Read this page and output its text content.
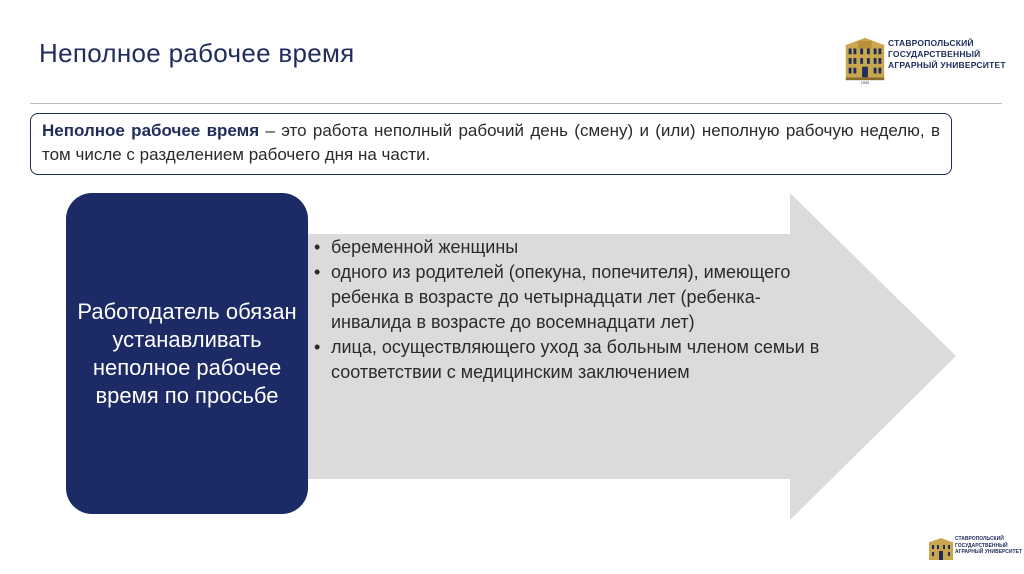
Неполное рабочее время
1930
СТАВРОПОЛЬСКИЙ
ГОСУДАРСТВЕННЫЙ
АГРАРНЫЙ УНИВЕРСИТЕТ
Неполное рабочее время – это работа неполный рабочий день (смену) и (или) неполную рабочую неделю, в том числе с разделением рабочего дня на части.
Работодатель обязан устанавливать неполное рабочее время по просьбе
• беременной женщины
• одного из родителей (опекуна, попечителя), имеющего ребенка в возрасте до четырнадцати лет (ребенка-инвалида в возрасте до восемнадцати лет)
• лица, осуществляющего уход за больным членом семьи в соответствии с медицинским заключением
СТАВРОПОЛЬСКИЙ
ГОСУДАРСТВЕННЫЙ
АГРАРНЫЙ УНИВЕРСИТЕТ
